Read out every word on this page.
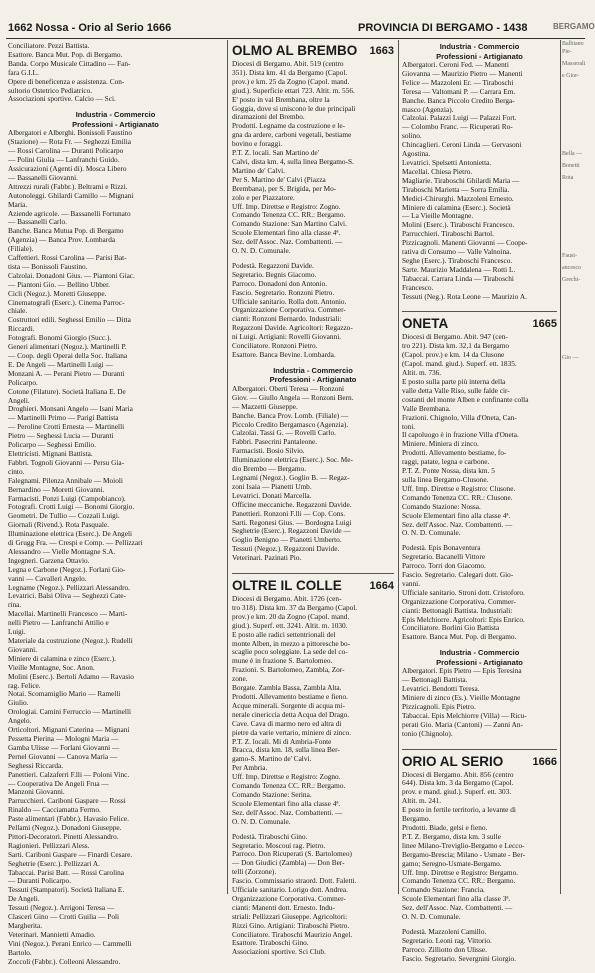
1662 Nossa - Orio al Serio 1666	PROVINCIA DI BERGAMO - 1438	BERGAMO
Conciliatore. Pezzi Battista.
Esattore. Banca Mut. Pop. di Bergamo.
Banda. Corpo Musicale Cittadino — Fan-
fara G.I.L.
Opere di beneficenza e assistenza. Con-
sultorio Ostetrico Pediatrico.
Associazioni sportive. Calcio — Sci.
Industria - Commercio
Professioni - Artigianato
Albergatori e Alberghi. Bonissoli Faustino
(Stazione) — Rota Fr. — Seghezzi Emilia
— Rossi Carolina — Duranti Policarpo
— Polini Giulia — Lanfranchi Guido.
Assicurazioni (Agenti di). Mosca Libero
— Bassanelli Giovanni.
Attrezzi rurali (Fabbr.). Beltrami e Rizzi.
Autonoleggi. Ghilardi Camillo — Mignani
Maria.
Aziende agricole. — Bassanelli Fortunato
— Bassanelli Carlo.
Banche. Banca Mutua Pop. di Bergamo
(Agenzia) — Banca Prov. Lombarda
(Filiale).
Caffettieri. Rossi Carolina — Parisi Bat-
tista — Bonissoli Faustino.
Calzolai. Donadoni Gius. — Piantoni Giac.
— Piantoni Gio. — Bellino Ubber.
Cicli (Negoz.). Moretti Giuseppe.
Cinematografi (Eserc.). Cinema Parroc-
chiale.
Costruttori edili. Seghessi Emilio — Ditta
Riccardi.
Fotografi. Bonomi Giorgio (Succ.).
Generi alimentari (Negoz.). Martinelli P.
— Coop. degli Operai della Soc. Italiana
E. De Angeli — Martinelli Luigi —
Monzani A. — Perani Pietro — Duranti
Policarpo.
Cotone (Filature). Società Italiana E. De
Angeli.
Droghieri. Monsani Angelo — Isani Maria
— Martinelli Primo — Parigi Battista
— Peroline Crotti Ernesta — Martinelli
Pietro — Seghessi Lucia — Duranti
Policarpo — Seghessi Emilio.
Elettricisti. Mignani Battista.
Fabbri. Tognoli Giovanni — Persu Gia-
cinto.
Falegnami. Pilenza Annibale — Moioli
Bernardino — Moretti Giovanni.
Farmacisti. Ponzi Luigi (Campobianco).
Fotografi. Crotti Luigi — Bonomi Giorgio.
Geometri. De Tullio — Cozzali Luigi.
Giornali (Rivend.). Rota Pasquale.
Illuminazione elettrica (Eserc.). De Angeli
di Grugg Fra. — Crespi e Comp. — Pellizzari
Alessandro — Vielle Montagne S.A.
Ingegneri. Garzena Ottavio.
Legna e Carbone (Negoz.). Forlani Gio-
vanni — Cavalleri Angelo.
Legname (Negoz.). Pellizzari Alessandro.
Levatrici. Balsi Oliva — Seghezzi Cate-
rina.
Macellai. Martinelli Francesco — Marti-
nelli Pietro — Lanfranchi Attilio e
Luigi.
Materiale da costruzione (Negoz.). Rudelli
Giovanni.
Miniere di calamina e zinco (Eserc.).
Vieille Montagne, Soc. Anon.
Molini (Eserc.). Bertoli Adamo — Ravasio
rag. Felice.
Notai. Scomamiglio Mario — Ramelli
Giulio.
Orologiai. Camini Ferruccio — Martinelli
Angelo.
Orticoltori. Mignani Caterina — Mignani
Pessetta Pierina — Mologni Maria —
Gamba Ulisse — Forlani Giovanni —
Pernel Giovanni — Canova Maria —
Seghessi Riccarda.
Panettieri. Calzaferri F.lli — Poloni Vinc.
— Cooperativa De Angeli Frua —
Manzoni Giovanni.
Parrucchieri. Cariboni Gaspare — Rossi
Rinaldo — Cacciamatta Fermo.
Paste alimentari (Fabbr.). Havasio Felice.
Pellami (Negoz.). Donadoni Giuseppe.
Pittori-Decoratori. Pinetti Alessandro.
Ragionieri. Pellizzari Aless.
Sarti. Cariboni Gaspare — Finardi Cesare.
Seghetrie (Eserc.). Pellizzari A.
Tabaccai. Parisi Batt. — Rossi Carolina
— Duranti Policarpo.
Tessuti (Stampatori). Società Italiana E.
De Angeli.
Tessuti (Negoz.). Arrigoni Teresa —
Clasceri Gino — Crotti Guilia — Poli
Margherita.
Veterinari. Mannietti Amadio.
Vini (Negoz.). Perani Enrico — Cammelli
Bartolo.
Zoccoli (Fabbr.). Colleoni Alessandro.
1663
OLMO AL BREMBO
Diocesi di Bergamo. Abit. 519 (centro
351). Dista km. 41 da Bergamo (Capol.
prov.) e km. 25 da Zogno (Capol. mand.
giud.). Superficie ettari 723. Altit. m. 556.
E' posto in val Brembana, oltre la
Goggia, dove si uniscono le due principali
diramazioni del Brembo.
Prodotti. Legname da costruzione e le-
gna da ardere, carboni vegetali, bestiame
bovino e foraggi.
P.T. Z. locali. San Martino de'
Calvi, dista km. 4, sulla linea Bergamo-S.
Martino de' Calvi.
Per S. Martino de' Calvi (Piazza
Brembana), per S. Brigida, per Mo-
zolo e per Piazzatore.
Uff. Imp. Direttse e Registro: Zogno.
Comando Tenenza CC. RR.: Bergamo.
Comando Stazione: San Martino Calvi.
Scuole Elementari fino alla classe 4ª.
Sez. dell'Assoc. Naz. Combattenti. —
O. N. D. Comunale.
Podestà. Regazzoni Davide.
Segretario. Begnis Giacomo.
Parroco. Donadoni don Antonio.
Fascio. Segretario. Ronzoni Pietro.
Ufficiale sanitario. Rolla dott. Antonio.
Organizzazione Corporativa. Commer-
cianti: Ronzoni Bernardo. Industriali:
Regazzoni Davide. Agricoltori: Regazzo-
ni Luigi. Artigiani: Rovelli Giovanni.
Conciliatore. Ronzoni Pietro.
Esattore. Banca Bevine. Lombarda.
Industria - Commercio
Professioni - Artigianato
Albergatori. Oberti Teresa — Ronzoni
Giov. — Giullo Angela — Ronzoni Bern.
— Mazzetti Giuseppe.
Banche. Banca Prov. Lomb. (Filiale) —
Piccolo Credito Bergamasco (Agenzia).
Calzolai. Tassi G. — Rovelli Carlo.
Fabbri. Pasecrini Pantaleone.
Farmacisti. Bosio Silvio.
Illuminazione elettrica (Eserc.). Soc. Me-
dio Brembo — Bergamo.
Legnami (Negoz.). Goglio B. — Regaz-
zoni Isaia — Pianetti Umb.
Levatrici. Donati Marcella.
Officine meccaniche. Regazzoni Davide.
Panettieri. Ronzoni F.lli — Cop. Cons.
Sarti. Regonesi Gius. — Bordogna Luigi
Seghetrie (Eserc.). Regazzoni Davide —
Goglio Benigno — Pianetti Umberto.
Tessuti (Negoz.). Regazzoni Davide.
Veterinari. Pazinati Pio.
1664
OLTRE IL COLLE
Diocesi di Bergamo. Abit. 1726 (cen-
tro 318). Dista km. 37 da Bergamo (Capol.
prov.) e km. 20 da Zogno (Capol. mand.
giud.). Superf. ett. 3241. Altit. m. 1030.
E posto alle radici settentrionali del
monte Alben, in mezzo a pittoresche bo-
scaglie poco soleggiate. La sede del co-
mune è in frazione S. Bartolomeo.
Frazioni. S. Bartolomeo, Zambla, Zor-
zone.
Borgate. Zambla Bassa, Zambla Alta.
Prodotti. Allevamento bestiame e fieno.
Acque minerali. Sorgente di acqua mi-
nerale cinericcia detta Acqua del Drago.
Cave. Cava di marmo nero ed altra di
pietre da varie vertario, miniere di zinco.
P.T. Z. locali. Mi di Ambria-Fonte
Bracca, dista km. 18, sulla linea Ber-
gamo-S. Martino de' Calvi.
Per Ambria.
Uff. Imp. Direttse e Registro: Zogno.
Comando Tenenza CC. RR.: Bergamo.
Comando Stazione: Serina.
Scuole Elementari fino alla classe 4ª.
Sez. dell'Assoc. Naz. Combattenti. —
O. N. D. Comunale.
Podestà. Tiraboschi Gino.
Segretario. Moscoui rag. Pietro.
Parroco. Don Ricuperati (S. Bartolomeo)
— Don Giudici (Zambla) — Don Ber-
telli (Zorzone).
Fascio. Commissario straord. Dott. Faletti.
Ufficiale sanitario. Lorigo dott. Andrea.
Organizzazione Corporativa. Commer-
cianti: Manenti dott. Ernesto. Indu-
striali: Pellizzari Giuseppe. Agricoltori:
Rizzi Gino. Artigiani: Tiraboschi Pietro.
Conciliatore. Tiraboschi Maurizio Angel.
Esattore. Tiraboschi Gino.
Associazioni sportive. Sci Club.
Industria - Commercio
Professioni - Artigianato
Albergatori. Ceroni Fed. — Manenti
Giovanna — Maurizio Pietro — Manenti
Felice — Mazzoleni Er. — Tiraboschi
Teresa — Valtomani P. — Carrara Em.
Banche. Banca Piccolo Credito Berga-
masco (Agenzia).
Calzolai. Palazzi Luigi — Palazzi Fort.
— Colombo Franc. — Ricuperati Ro-
solino.
Chincaglieri. Ceroni Linda — Gervasoni
Agostina.
Levatrici. Spelsetti Antonietta.
Macellai. Chiesa Pietro.
Magliarie. Tiraboschi Ghilardi Maria —
Tiraboschi Marietta — Sorra Emilia.
Medici-Chirurghi. Mazzoleni Ernesto.
Miniere di calamina (Eserc.). Società
— La Vieille Montagne.
Molini (Eserc.). Tiraboschi Francesco.
Parrucchieri. Tiraboschi Bartol.
Pizzicagnoli. Manenti Giovanni — Coope-
rativa di Consumo — Valle Valnoina.
Seghe (Eserc.). Tiraboschi Francesco.
Sarte. Maurizio Maddalena — Rotti L.
Tabaccai. Carrara Linda — Tiraboschi
Francesco.
Tessuti (Neg.). Rota Leone — Maurizio A.
1665
ONETA
Diocesi di Bergamo. Abit. 947 (cen-
tro 221). Dista km. 32,1 da Bergamo
(Capol. prov.) e km. 14 da Clusone
(Capol. mand. giud.). Superf. ett. 1835.
Altit. m. 736.
E posto sulla parte più interna della
valle detta Valle Riso, sulle falde cir-
costanti del monte Alben e confinante colla
Valle Brembana.
Frazioni. Chignolo, Villa d'Oneta, Can-
toni.
Il capoluogo è in frazione Villa d'Oneta.
Miniere. Miniera di zinco.
Prodotti. Allevamento bestiame, fo-
raggi, patate, legna e carbone.
P.T. Z. Ponte Nossa, dista km. 5
sulla linea Bergamo-Clusone.
Uff. Imp. Direttse e Registro: Clusone.
Comando Tenenza CC. RR.: Clusone.
Comando Stazione: Nossa.
Scuole Elementari fino alla classe 4ª.
Sez. dell'Assoc. Naz. Combattenti. —
O. N. D. Comunale.
Podestà. Epis Bonaventura
Segretario. Bacanelli Vittore
Parroco. Torri don Giacomo.
Fascio. Segretario. Calegari dott. Gio-
vanni.
Ufficiale sanitario. Stroni dott. Cristoforo.
Organizzazione Corporativa. Commer-
cianti: Bettonagli Battista. Industriali:
Epis Melchiorre. Agricoltori: Epis Enrico.
Conciliatore. Borlini Gio Battista
Esattore. Banca Mut. Pop. di Bergamo.
Industria - Commercio
Professioni - Artigianato
Albergatori. Epis Pietro — Epis Teresina
— Bettonagli Battista.
Levatrici. Bendotti Teresa.
Miniere di zinco (Es.). Vieille Montagne
Pizzicagnoli. Epis Pietro.
Tabaccai. Epis Melchiorre (Villa) — Ricu-
perati Gio. Maria (Cantoni) — Zanni An-
tonio (Chignolo).
1666
ORIO AL SERIO
Diocesi di Bergamo. Abit. 856 (centro
644). Dista km. 3 da Bergamo (Capol.
prov. e mand. giud.). Superf. ett. 303.
Altit. m. 241.
E posto in fertile territorio, a levante di
Bergamo.
Prodotti. Biade, gelsi e fieno.
P.T. Z. Bergamo, dista km. 3 sulle
linee Milano-Treviglio-Bergamo e Lecco-
Bergamo-Brescia; Milano - Usmate - Ber-
gamo; Seregno-Usmate-Bergamo.
Uff. Imp. Direttse e Registro: Bergamo.
Comando Tenenza CC. RR.: Bergamo.
Comando Stazione: Francia.
Scuole Elementari fino alla classe 3ª.
Sez. dell'Assoc. Naz. Combattenti. —
O. N. D. Comunale.
Podestà. Mazzoleni Camillo.
Segretario. Leoni rag. Vittorio.
Parroco. Zilliotto don Ulisse.
Fascio. Segretario. Severgnini Giorgio.
Balbiano Pie-
Masserali
e Gior-
Bella —
Bonetti
Rota
Faust-
ancesco
Grechi-
Gio —
